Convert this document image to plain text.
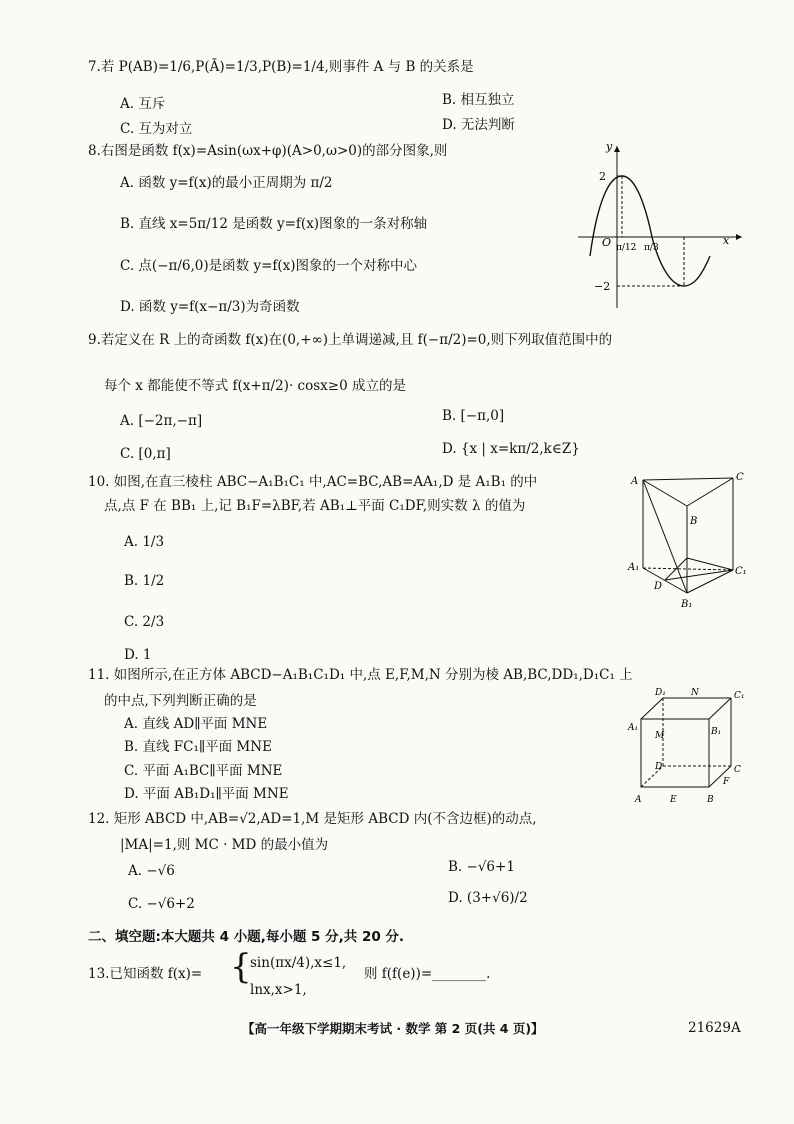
7.若 P(AB)=1/6,P(Ā)=1/3,P(B)=1/4,则事件 A 与 B 的关系是
A. 互斥	B. 相互独立
C. 互为对立	D. 无法判断
8.右图是函数 f(x)=Asin(ωx+φ)(A>0,ω>0)的部分图象,则
A. 函数 y=f(x)的最小正周期为 π/2
B. 直线 x=5π/12 是函数 y=f(x)图象的一条对称轴
C. 点(−π/6,0)是函数 y=f(x)图象的一个对称中心
D. 函数 y=f(x−π/3)为奇函数
y
x
O
2
−2
π/12 π/3
9.若定义在 R 上的奇函数 f(x)在(0,+∞)上单调递减,且 f(−π/2)=0,则下列取值范围中的
每个 x 都能使不等式 f(x+π/2)· cosx≥0 成立的是
A. [−2π,−π]	B. [−π,0]
C. [0,π]	D. {x | x=kπ/2,k∈Z}
10. 如图,在直三棱柱 ABC−A₁B₁C₁ 中,AC=BC,AB=AA₁,D 是 A₁B₁ 的中
点,点 F 在 BB₁ 上,记 B₁F=λBF,若 AB₁⊥平面 C₁DF,则实数 λ 的值为
A. 1/3
B. 1/2
C. 2/3
D. 1
A	C
B
A₁	C₁
D
B₁
11. 如图所示,在正方体 ABCD−A₁B₁C₁D₁ 中,点 E,F,M,N 分别为棱 AB,BC,DD₁,D₁C₁ 上
的中点,下列判断正确的是
A. 直线 AD∥平面 MNE
B. 直线 FC₁∥平面 MNE
C. 平面 A₁BC∥平面 MNE
D. 平面 AB₁D₁∥平面 MNE
D₁	N	C₁
A₁
M	B₁
D	C
F
A	E	B
12. 矩形 ABCD 中,AB=√2,AD=1,M 是矩形 ABCD 内(不含边框)的动点,
|MA|=1,则 MC · MD 的最小值为
A. −√6	B. −√6+1
C. −√6+2	D. (3+√6)/2
二、填空题:本大题共 4 小题,每小题 5 分,共 20 分.
13.已知函数 f(x)= {
sin(πx/4),x≤1,
lnx,x>1,
则 f(f(e))=________.
【高一年级下学期期末考试 · 数学 第 2 页(共 4 页)】	21629A
